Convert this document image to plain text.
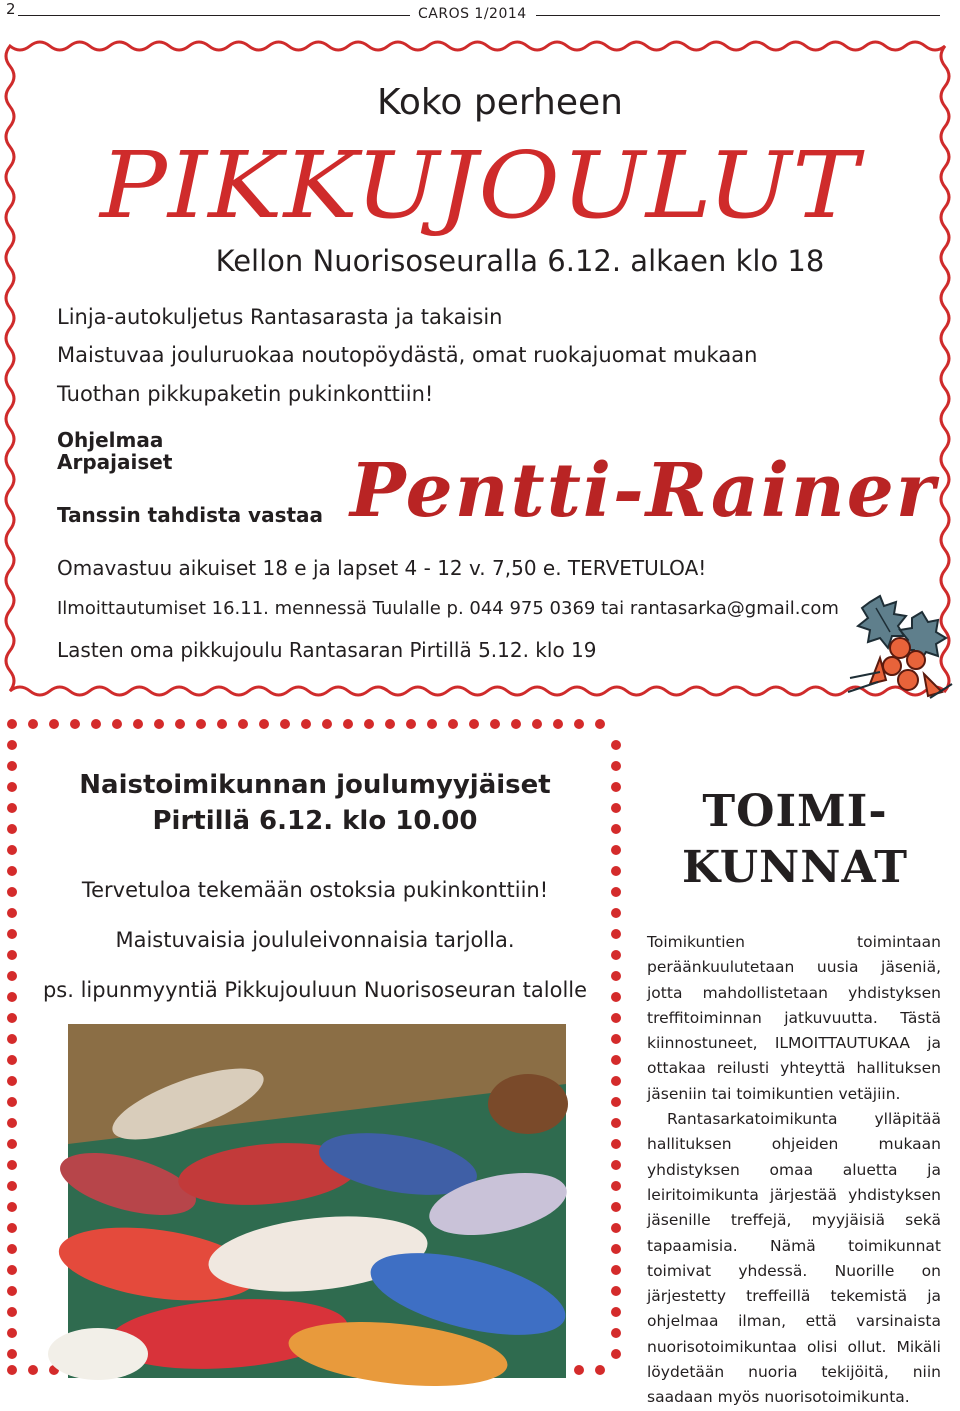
2	CAROS 1/2014
Koko perheen
PIKKUJOULUT
Kellon Nuorisoseuralla 6.12. alkaen klo 18
Linja-autokuljetus Rantasarasta ja takaisin
Maistuvaa jouluruokaa noutopöydästä, omat ruokajuomat mukaan
Tuothan pikkupaketin pukinkonttiin!
Ohjelmaa
Arpajaiset
Tanssin tahdista vastaa Pentti-Rainer
Omavastuu aikuiset 18 e ja lapset 4 - 12 v. 7,50 e. TERVETULOA!
Ilmoittautumiset 16.11. mennessä Tuulalle p. 044 975 0369 tai rantasarka@gmail.com
Lasten oma pikkujoulu Rantasaran Pirtillä 5.12. klo 19
Naistoimikunnan joulumyyjäiset
Pirtillä 6.12. klo 10.00
Tervetuloa tekemään ostoksia pukinkonttiin!
Maistuvaisia joululeivonnaisia tarjolla.
ps. lipunmyyntiä Pikkujouluun Nuorisoseuran talolle
TOIMI-
KUNNAT

Toimikuntien toimintaan peräänkuulutetaan uusia jäseniä, jotta mahdollistetaan yhdistyksen treffitoiminnan jatkuvuutta. Tästä kiinnostuneet, ILMOITTAUTUKAA ja ottakaa reilusti yhteyttä hallituksen jäseniin tai toimikuntien vetäjiin.

Rantasarkatoimikunta ylläpitää hallituksen ohjeiden mukaan yhdistyksen omaa aluetta ja leiritoimikunta järjestää yhdistyksen jäsenille treffejä, myyjäisiä sekä tapaamisia. Nämä toimikunnat toimivat yhdessä. Nuorille on järjestetty treffeillä tekemistä ja ohjelmaa ilman, että varsinaista nuorisotoimikuntaa olisi ollut. Mikäli löydetään nuoria tekijöitä, niin saadaan myös nuorisotoimikunta.
